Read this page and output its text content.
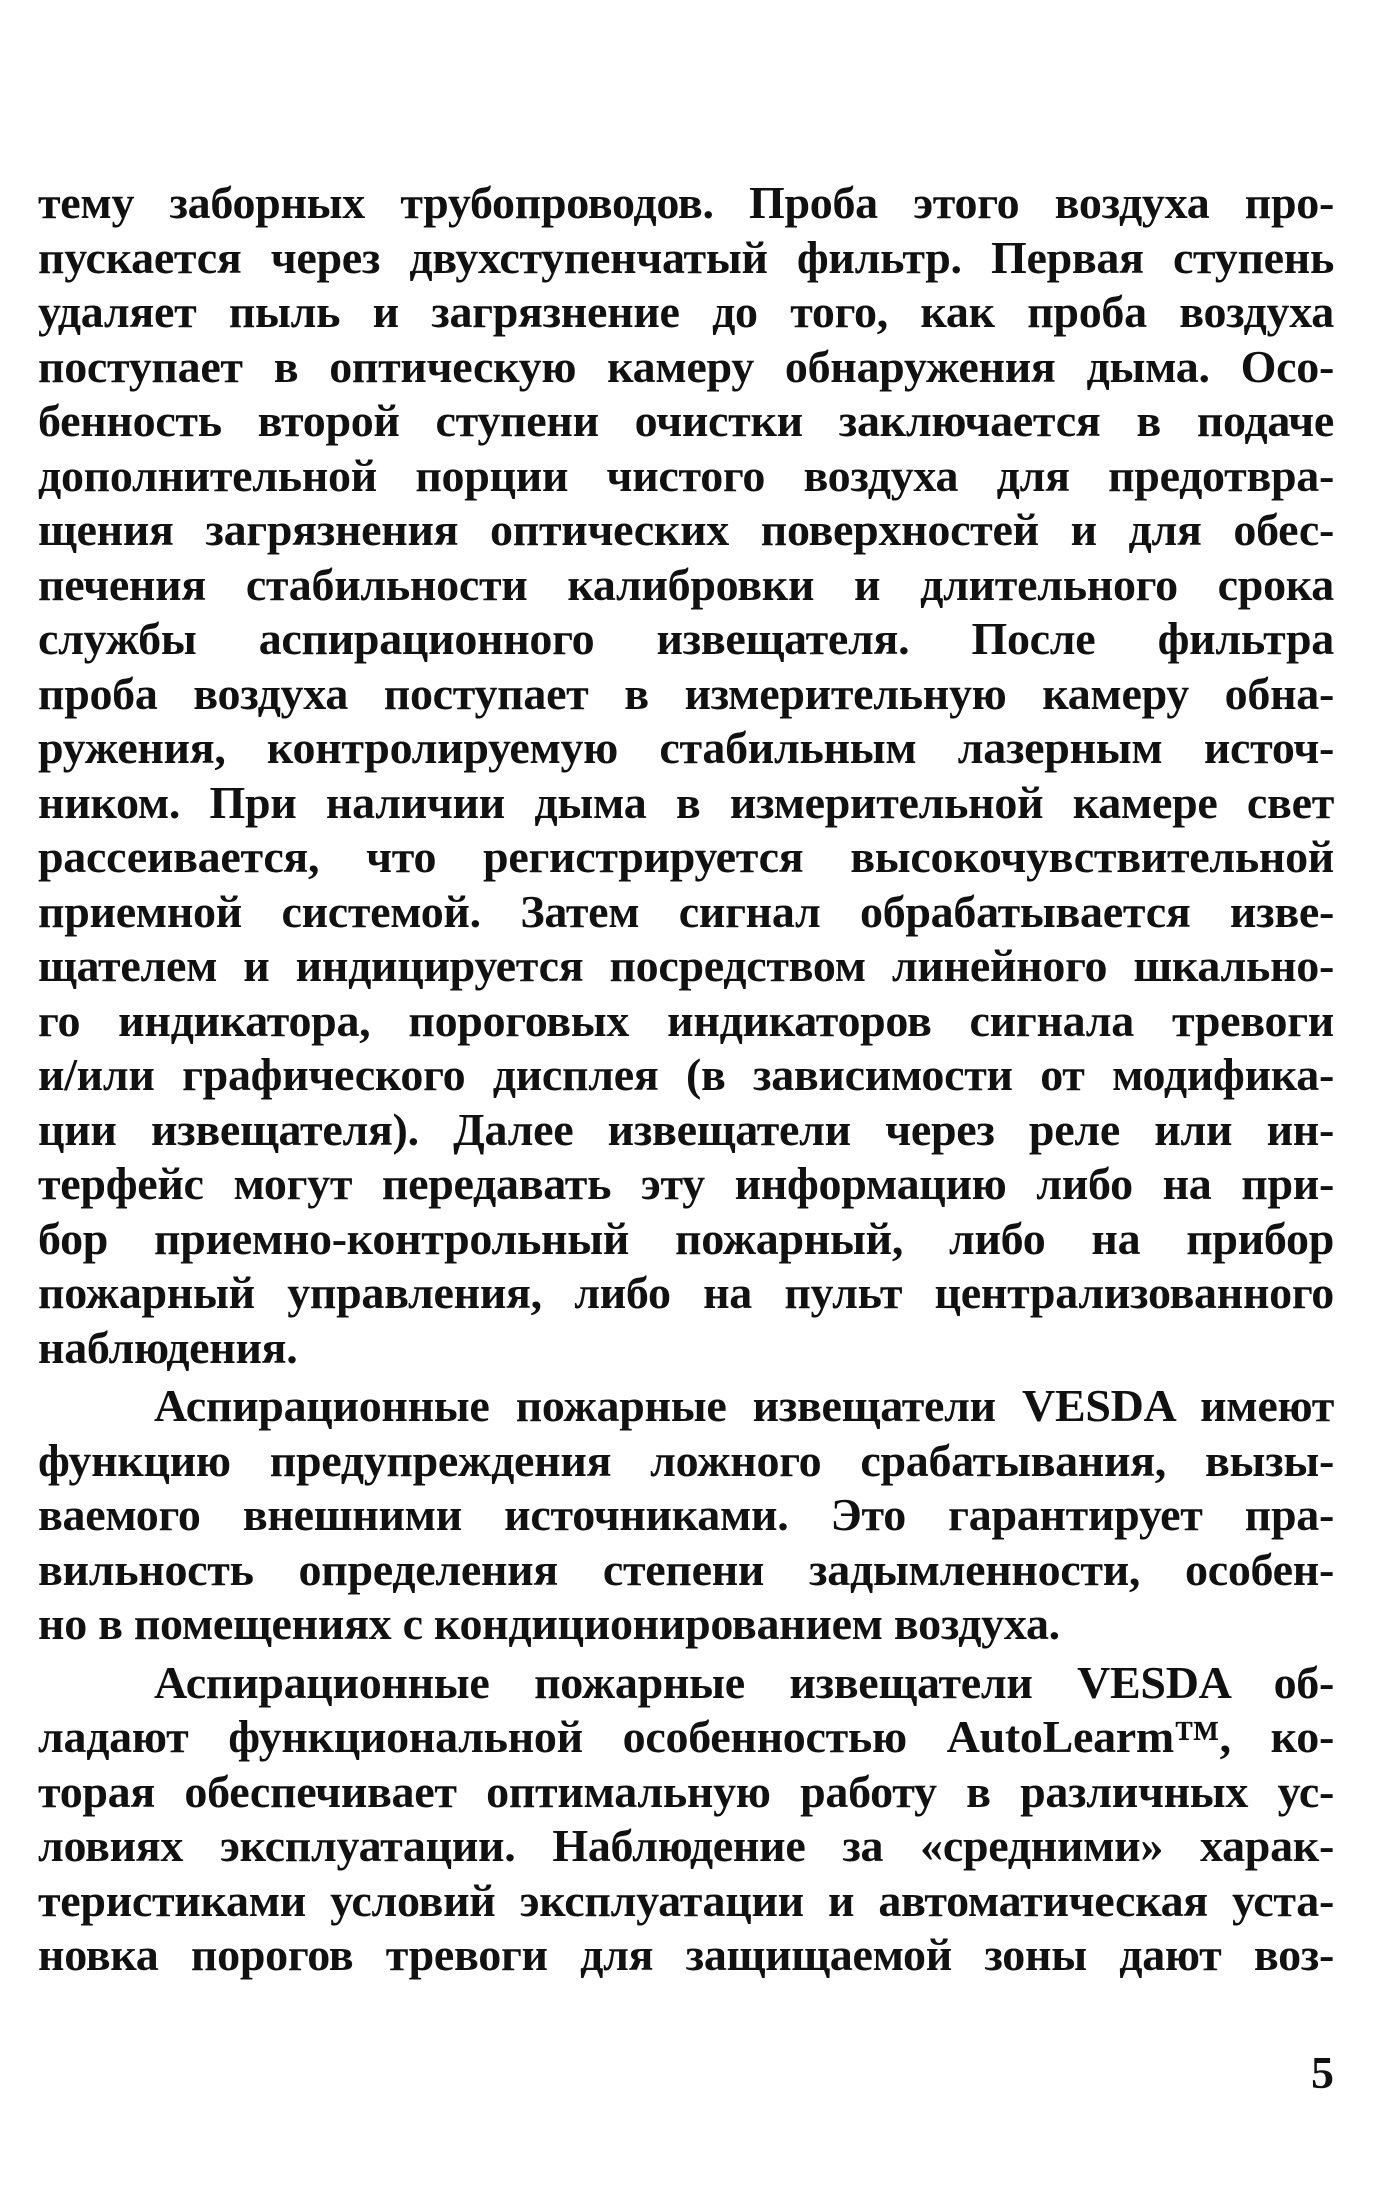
тему заборных трубопроводов. Проба этого воздуха про-
пускается через двухступенчатый фильтр. Первая ступень
удаляет пыль и загрязнение до того, как проба воздуха
поступает в оптическую камеру обнаружения дыма. Осо-
бенность второй ступени очистки заключается в подаче
дополнительной порции чистого воздуха для предотвра-
щения загрязнения оптических поверхностей и для обес-
печения стабильности калибровки и длительного срока
службы аспирационного извещателя. После фильтра
проба воздуха поступает в измерительную камеру обна-
ружения, контролируемую стабильным лазерным источ-
ником. При наличии дыма в измерительной камере свет
рассеивается, что регистрируется высокочувствительной
приемной системой. Затем сигнал обрабатывается изве-
щателем и индицируется посредством линейного шкально-
го индикатора, пороговых индикаторов сигнала тревоги
и/или графического дисплея (в зависимости от модифика-
ции извещателя). Далее извещатели через реле или ин-
терфейс могут передавать эту информацию либо на при-
бор приемно-контрольный пожарный, либо на прибор
пожарный управления, либо на пульт централизованного
наблюдения.
Аспирационные пожарные извещатели VESDA имеют
функцию предупреждения ложного срабатывания, вызы-
ваемого внешними источниками. Это гарантирует пра-
вильность определения степени задымленности, особен-
но в помещениях с кондиционированием воздуха.
Аспирационные пожарные извещатели VESDA об-
ладают функциональной особенностью AutoLearm™, ко-
торая обеспечивает оптимальную работу в различных ус-
ловиях эксплуатации. Наблюдение за «средними» харак-
теристиками условий эксплуатации и автоматическая уста-
новка порогов тревоги для защищаемой зоны дают воз-
5
